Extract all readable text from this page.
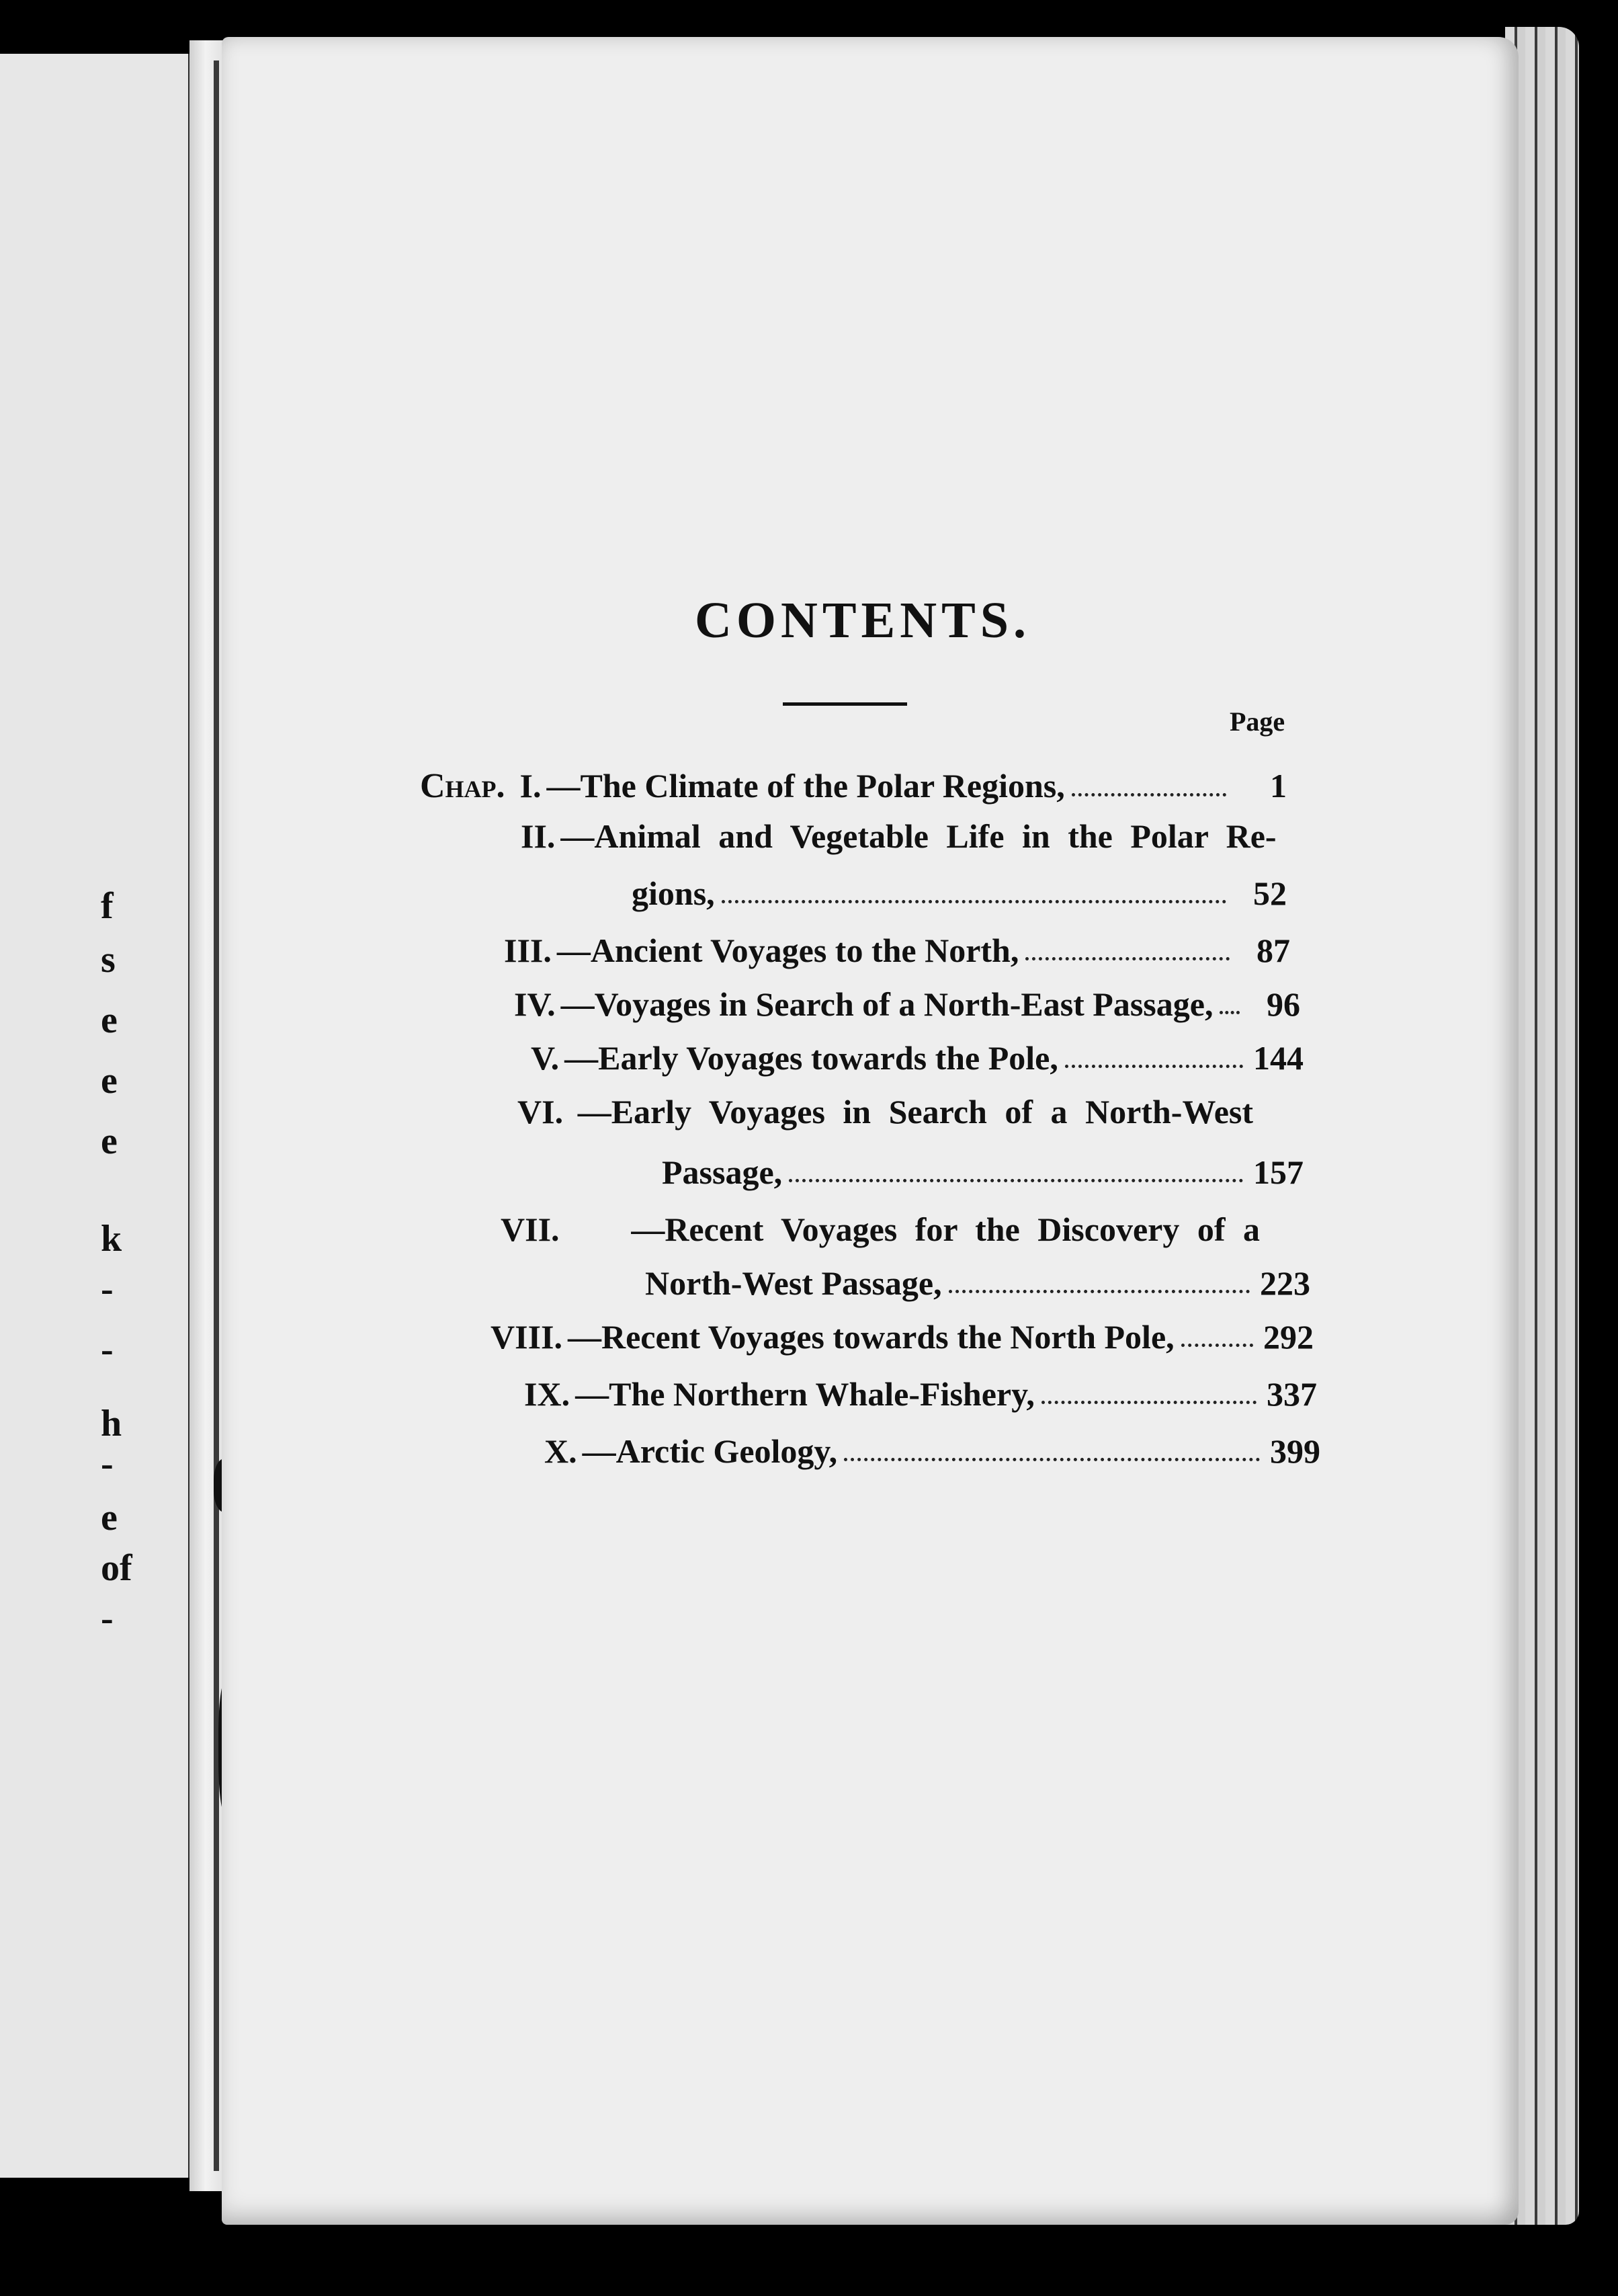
f
s
e
e
e
k
-
-
h
-
e
of
-
CONTENTS.
Page
Chap. I. —The Climate of the Polar Regions,	1
II. —Animal and Vegetable Life in the Polar Re-
gions,	52
III. —Ancient Voyages to the North,	87
IV. —Voyages in Search of a North-East Passage,	96
V. —Early Voyages towards the Pole,	144
VI. —Early Voyages in Search of a North-West
Passage,	157
VII. —Recent Voyages for the Discovery of a
North-West Passage,	223
VIII. —Recent Voyages towards the North Pole,	292
IX. —The Northern Whale-Fishery,	337
X. —Arctic Geology,	399
